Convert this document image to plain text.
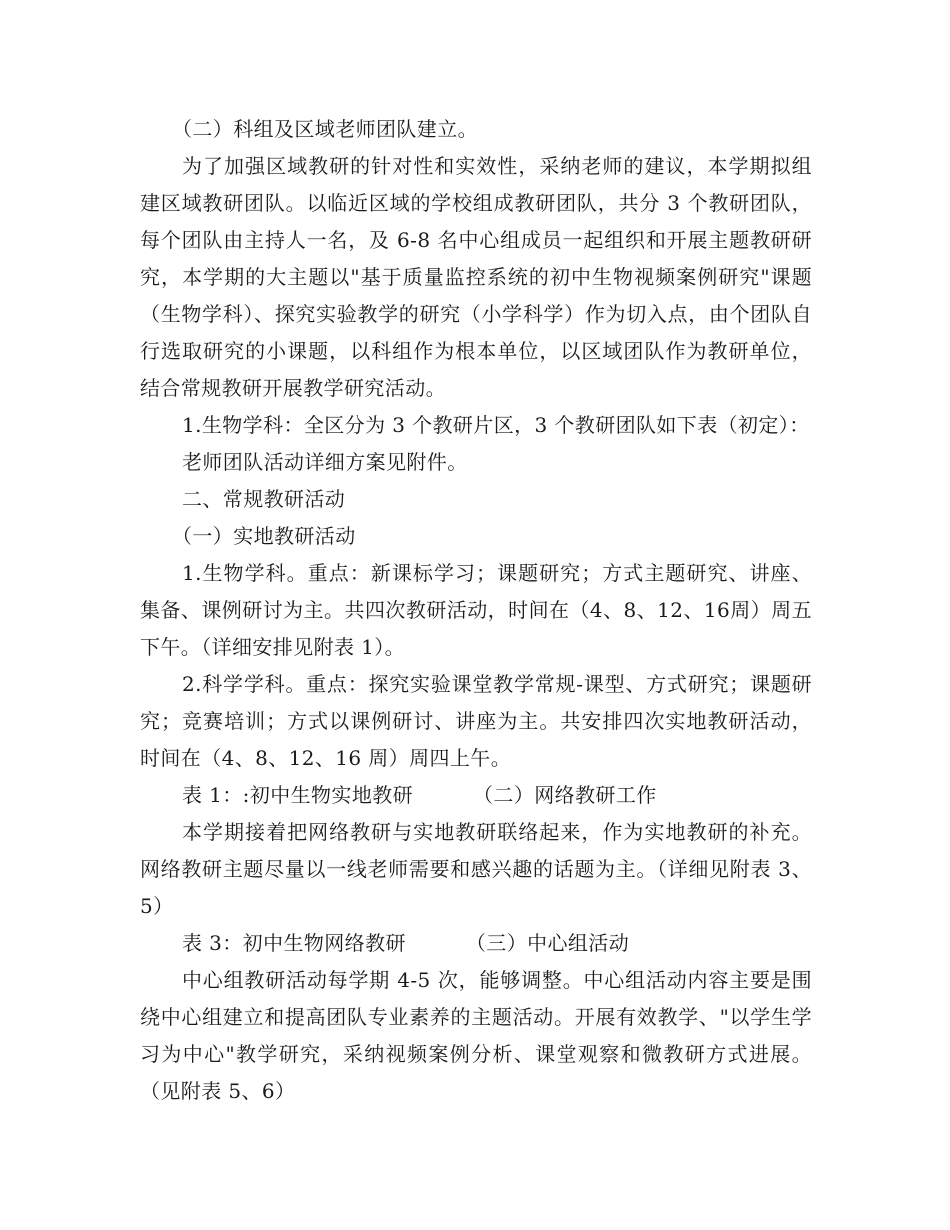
（二）科组及区域老师团队建立。

为了加强区域教研的针对性和实效性，采纳老师的建议，本学期拟组建区域教研团队。以临近区域的学校组成教研团队，共分 3 个教研团队，每个团队由主持人一名，及 6-8 名中心组成员一起组织和开展主题教研研究，本学期的大主题以"基于质量监控系统的初中生物视频案例研究"课题（生物学科）、探究实验教学的研究（小学科学）作为切入点，由个团队自行选取研究的小课题，以科组作为根本单位，以区域团队作为教研单位，结合常规教研开展教学研究活动。

1.生物学科：全区分为 3 个教研片区，3 个教研团队如下表（初定）：

老师团队活动详细方案见附件。

二、常规教研活动

（一）实地教研活动

1.生物学科。重点：新课标学习；课题研究；方式主题研究、讲座、集备、课例研讨为主。共四次教研活动，时间在（4、8、12、16周）周五下午。（详细安排见附表 1）。

2.科学学科。重点：探究实验课堂教学常规-课型、方式研究；课题研究；竞赛培训；方式以课例研讨、讲座为主。共安排四次实地教研活动，时间在（4、8、12、16 周）周四上午。

表 1：:初中生物实地教研	（二）网络教研工作

本学期接着把网络教研与实地教研联络起来，作为实地教研的补充。网络教研主题尽量以一线老师需要和感兴趣的话题为主。（详细见附表 3、5）

表 3：初中生物网络教研	（三）中心组活动

中心组教研活动每学期 4-5 次，能够调整。中心组活动内容主要是围绕中心组建立和提高团队专业素养的主题活动。开展有效教学、"以学生学习为中心"教学研究，采纳视频案例分析、课堂观察和微教研方式进展。（见附表 5、6）
